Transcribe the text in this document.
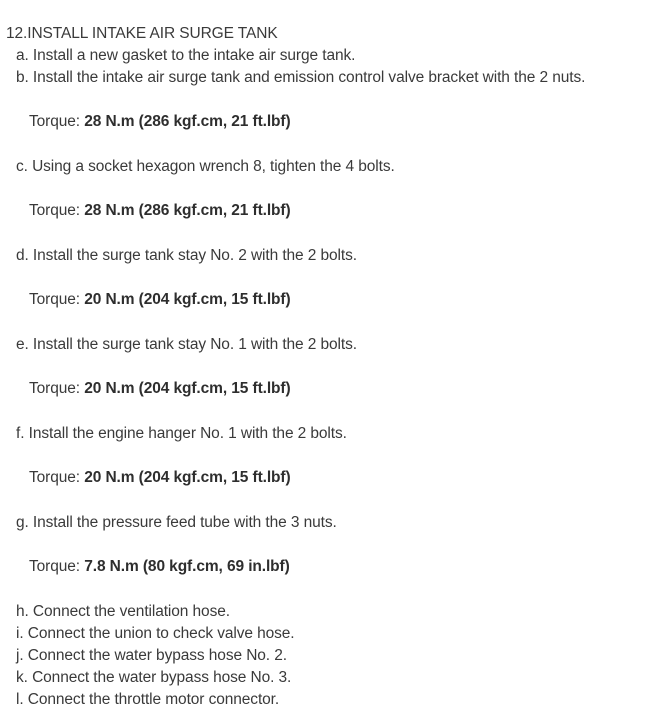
12.INSTALL INTAKE AIR SURGE TANK
a. Install a new gasket to the intake air surge tank.
b. Install the intake air surge tank and emission control valve bracket with the 2 nuts.
Torque: 28 N.m (286 kgf.cm, 21 ft.lbf)
c. Using a socket hexagon wrench 8, tighten the 4 bolts.
Torque: 28 N.m (286 kgf.cm, 21 ft.lbf)
d. Install the surge tank stay No. 2 with the 2 bolts.
Torque: 20 N.m (204 kgf.cm, 15 ft.lbf)
e. Install the surge tank stay No. 1 with the 2 bolts.
Torque: 20 N.m (204 kgf.cm, 15 ft.lbf)
f. Install the engine hanger No. 1 with the 2 bolts.
Torque: 20 N.m (204 kgf.cm, 15 ft.lbf)
g. Install the pressure feed tube with the 3 nuts.
Torque: 7.8 N.m (80 kgf.cm, 69 in.lbf)
h. Connect the ventilation hose.
i. Connect the union to check valve hose.
j. Connect the water bypass hose No. 2.
k. Connect the water bypass hose No. 3.
l. Connect the throttle motor connector.
